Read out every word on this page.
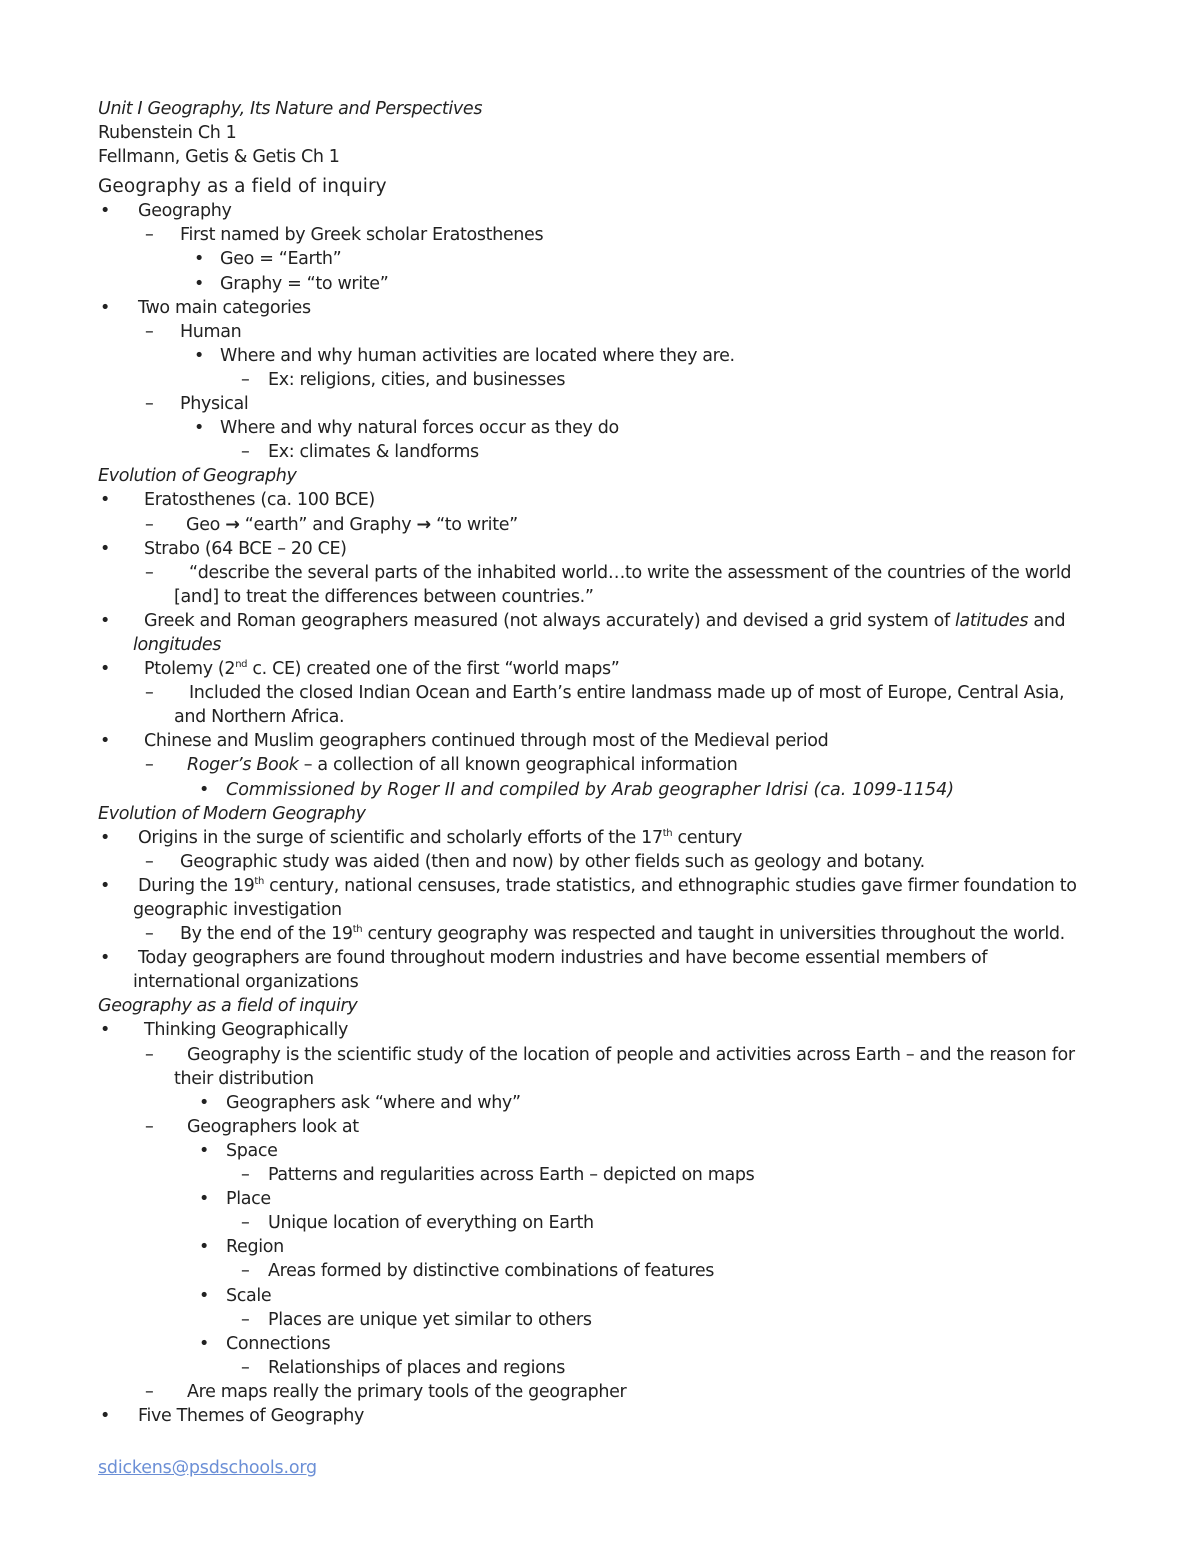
Unit I Geography, Its Nature and Perspectives
Rubenstein Ch 1
Fellmann, Getis & Getis Ch 1
Geography as a field of inquiry
•
Geography
– First named by Greek scholar Eratosthenes
•
Geo = “Earth”
•
Graphy = “to write”
•
Two main categories
– Human
•
Where and why human activities are located where they are.
– Ex: religions, cities, and businesses
– Physical
•
Where and why natural forces occur as they do
– Ex: climates & landforms
Evolution of Geography
•
Eratosthenes (ca. 100 BCE)
– Geo → “earth” and Graphy → “to write”
•
Strabo (64 BCE – 20 CE)
– “describe the several parts of the inhabited world…to write the assessment of the countries of the world
[and] to treat the differences between countries.”
•
Greek and Roman geographers measured (not always accurately) and devised a grid system of latitudes and
longitudes
•
Ptolemy (2nd c. CE) created one of the first “world maps”
– Included the closed Indian Ocean and Earth’s entire landmass made up of most of Europe, Central Asia,
and Northern Africa.
•
Chinese and Muslim geographers continued through most of the Medieval period
– Roger’s Book – a collection of all known geographical information
•
Commissioned by Roger II and compiled by Arab geographer Idrisi (ca. 1099-1154)
Evolution of Modern Geography
•
Origins in the surge of scientific and scholarly efforts of the 17th century
– Geographic study was aided (then and now) by other fields such as geology and botany.
•
During the 19th century, national censuses, trade statistics, and ethnographic studies gave firmer foundation to
geographic investigation
– By the end of the 19th century geography was respected and taught in universities throughout the world.
•
Today geographers are found throughout modern industries and have become essential members of
international organizations
Geography as a field of inquiry
•
Thinking Geographically
– Geography is the scientific study of the location of people and activities across Earth – and the reason for
their distribution
•
Geographers ask “where and why”
– Geographers look at
•
Space
– Patterns and regularities across Earth – depicted on maps
•
Place
– Unique location of everything on Earth
•
Region
– Areas formed by distinctive combinations of features
•
Scale
– Places are unique yet similar to others
•
Connections
– Relationships of places and regions
– Are maps really the primary tools of the geographer
•
Five Themes of Geography
sdickens@psdschools.org
